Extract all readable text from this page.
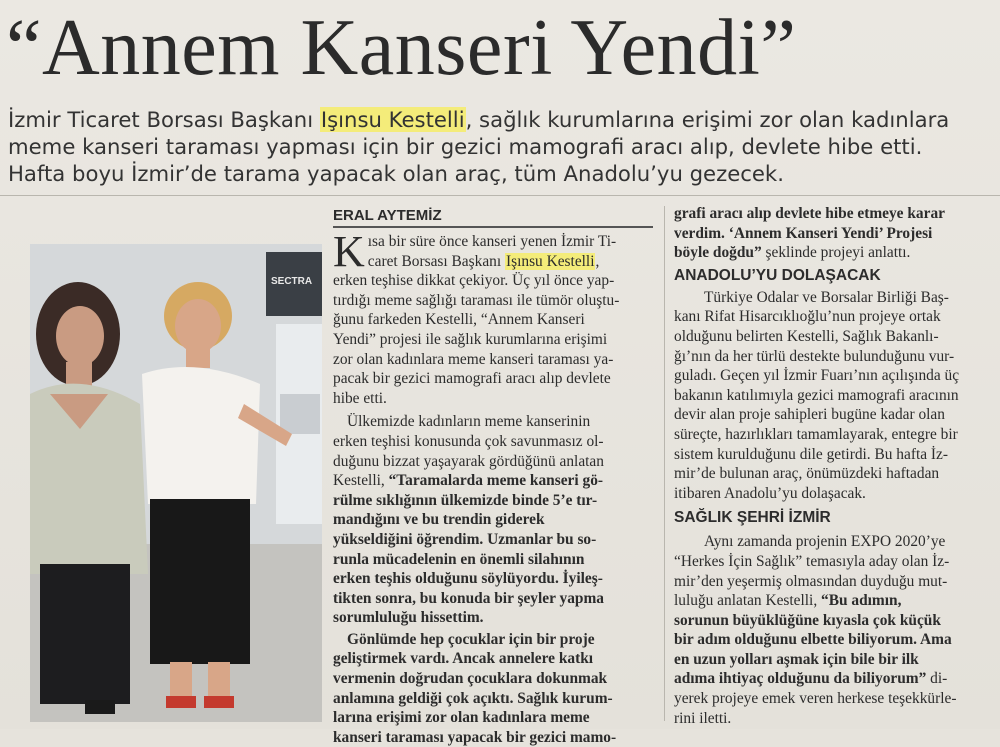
“Annem Kanseri Yendi”
İzmir Ticaret Borsası Başkanı Işınsu Kestelli, sağlık kurumlarına erişimi zor olan kadınlara
meme kanseri taraması yapması için bir gezici mamografi aracı alıp, devlete hibe etti.
Hafta boyu İzmir’de tarama yapacak olan araç, tüm Anadolu’yu gezecek.
SECTRA
ERAL AYTEMİZ

K ısa bir süre önce kanseri yenen İzmir Ti-
caret Borsası Başkanı Işınsu Kestelli,
erken teşhise dikkat çekiyor. Üç yıl önce yap-
tırdığı meme sağlığı taraması ile tümör oluştu-
ğunu farkeden Kestelli, “Annem Kanseri
Yendi” projesi ile sağlık kurumlarına erişimi
zor olan kadınlara meme kanseri taraması ya-
pacak bir gezici mamografi aracı alıp devlete
hibe etti.

Ülkemizde kadınların meme kanserinin
erken teşhisi konusunda çok savunmasız ol-
duğunu bizzat yaşayarak gördüğünü anlatan
Kestelli, “Taramalarda meme kanseri gö-
rülme sıklığının ülkemizde binde 5’e tır-
mandığını ve bu trendin giderek
yükseldiğini öğrendim. Uzmanlar bu so-
runla mücadelenin en önemli silahının
erken teşhis olduğunu söylüyordu. İyileş-
tikten sonra, bu konuda bir şeyler yapma
sorumluluğu hissettim.

Gönlümde hep çocuklar için bir proje
geliştirmek vardı. Ancak annelere katkı
vermenin doğrudan çocuklara dokunmak
anlamına geldiği çok açıktı. Sağlık kurum-
larına erişimi zor olan kadınlara meme
kanseri taraması yapacak bir gezici mamo-

grafi aracı alıp devlete hibe etmeye karar
verdim. ‘Annem Kanseri Yendi’ Projesi
böyle doğdu” şeklinde projeyi anlattı.

ANADOLU’YU DOLAŞACAK

Türkiye Odalar ve Borsalar Birliği Baş-
kanı Rifat Hisarcıklıoğlu’nun projeye ortak
olduğunu belirten Kestelli, Sağlık Bakanlı-
ğı’nın da her türlü destekte bulunduğunu vur-
guladı. Geçen yıl İzmir Fuarı’nın açılışında üç
bakanın katılımıyla gezici mamografi aracının
devir alan proje sahipleri bugüne kadar olan
süreçte, hazırlıkları tamamlayarak, entegre bir
sistem kurulduğunu dile getirdi. Bu hafta İz-
mir’de bulunan araç, önümüzdeki haftadan
itibaren Anadolu’yu dolaşacak.

SAĞLIK ŞEHRİ İZMİR

Aynı zamanda projenin EXPO 2020’ye
“Herkes İçin Sağlık” temasıyla aday olan İz-
mir’den yeşermiş olmasından duyduğu mut-
luluğu anlatan Kestelli, “Bu adımın,
sorunun büyüklüğüne kıyasla çok küçük
bir adım olduğunu elbette biliyorum. Ama
en uzun yolları aşmak için bile bir ilk
adıma ihtiyaç olduğunu da biliyorum” di-
yerek projeye emek veren herkese teşekkürle-
rini iletti.
